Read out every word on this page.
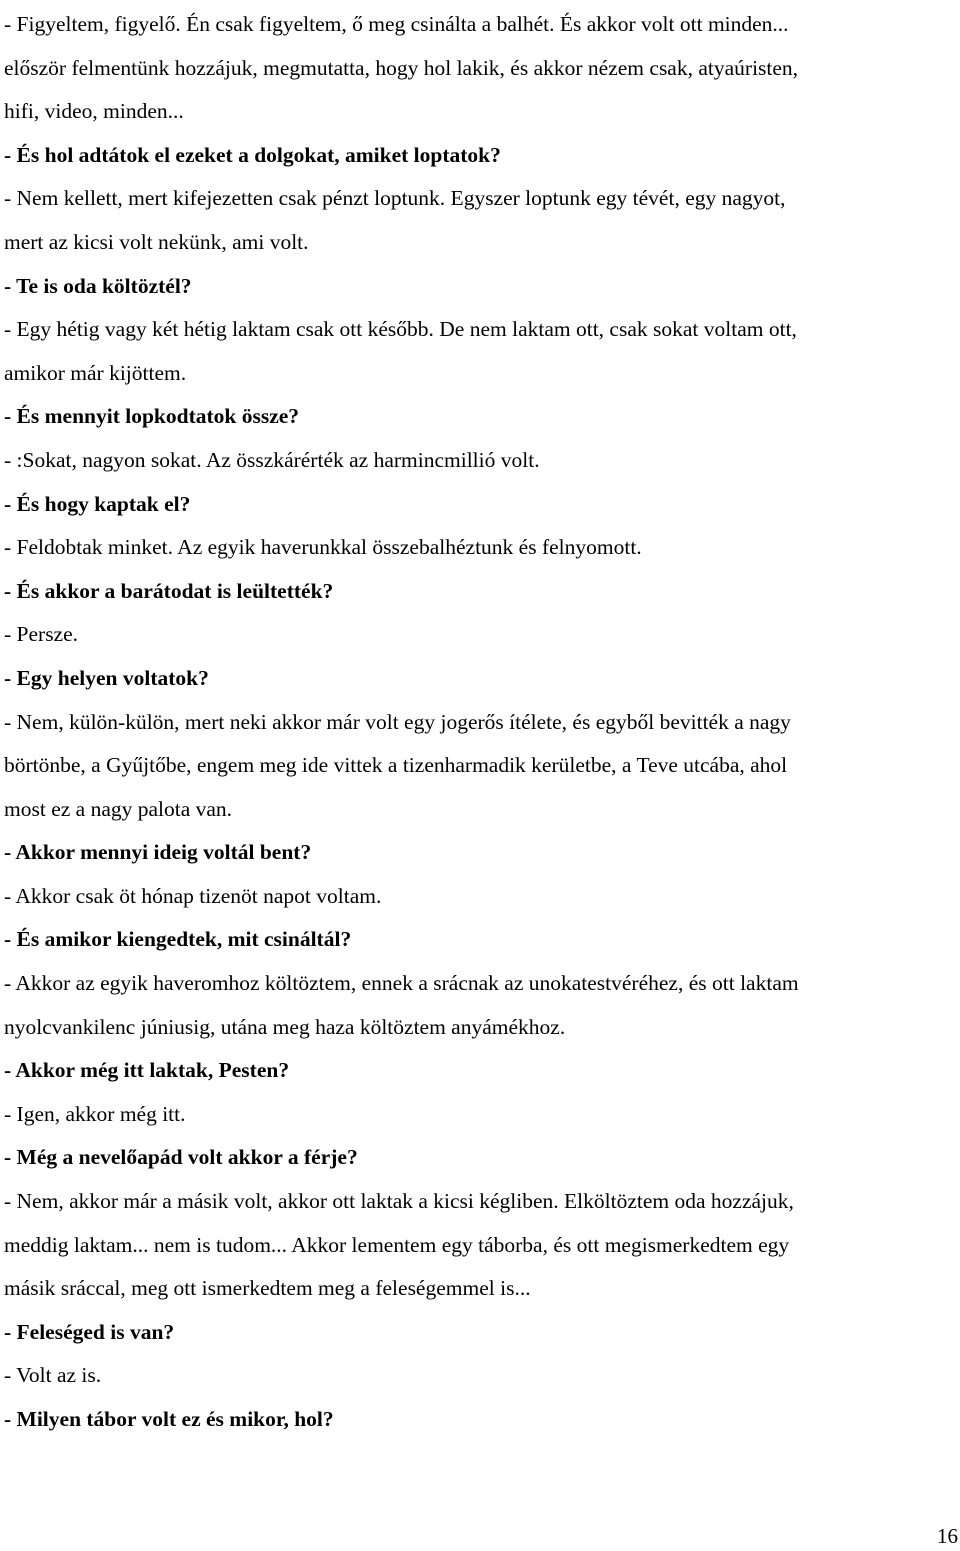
- Figyeltem, figyelő. Én csak figyeltem, ő meg csinálta a balhét. És akkor volt ott minden...
először felmentünk hozzájuk, megmutatta, hogy hol lakik, és akkor nézem csak, atyaúristen,
hifi, video, minden...
- És hol adtátok el ezeket a dolgokat, amiket loptatok?
- Nem kellett, mert kifejezetten csak pénzt loptunk. Egyszer loptunk egy tévét, egy nagyot,
mert az kicsi volt nekünk, ami volt.
- Te is oda költöztél?
- Egy hétig vagy két hétig laktam csak ott később. De nem laktam ott, csak sokat voltam ott,
amikor már kijöttem.
- És mennyit lopkodtatok össze?
- :Sokat, nagyon sokat. Az összkárérték az harmincmillió volt.
- És hogy kaptak el?
- Feldobtak minket. Az egyik haverunkkal összebalhéztunk és felnyomott.
- És akkor a barátodat is leültették?
- Persze.
- Egy helyen voltatok?
- Nem, külön-külön, mert neki akkor már volt egy jogerős ítélete, és egyből bevitték a nagy
börtönbe, a Gyűjtőbe, engem meg ide vittek a tizenharmadik kerületbe, a Teve utcába, ahol
most ez a nagy palota van.
- Akkor mennyi ideig voltál bent?
- Akkor csak öt hónap tizenöt napot voltam.
- És amikor kiengedtek, mit csináltál?
- Akkor az egyik haveromhoz költöztem, ennek a srácnak az unokatestvéréhez, és ott laktam
nyolcvankilenc júniusig, utána meg haza költöztem anyámékhoz.
- Akkor még itt laktak, Pesten?
- Igen, akkor még itt.
- Még a nevelőapád volt akkor a férje?
- Nem, akkor már a másik volt, akkor ott laktak a kicsi kégliben. Elköltöztem oda hozzájuk,
meddig laktam... nem is tudom... Akkor lementem egy táborba, és ott megismerkedtem egy
másik sráccal, meg ott ismerkedtem meg a feleségemmel is...
- Feleséged is van?
- Volt az is.
- Milyen tábor volt ez és mikor, hol?
16
